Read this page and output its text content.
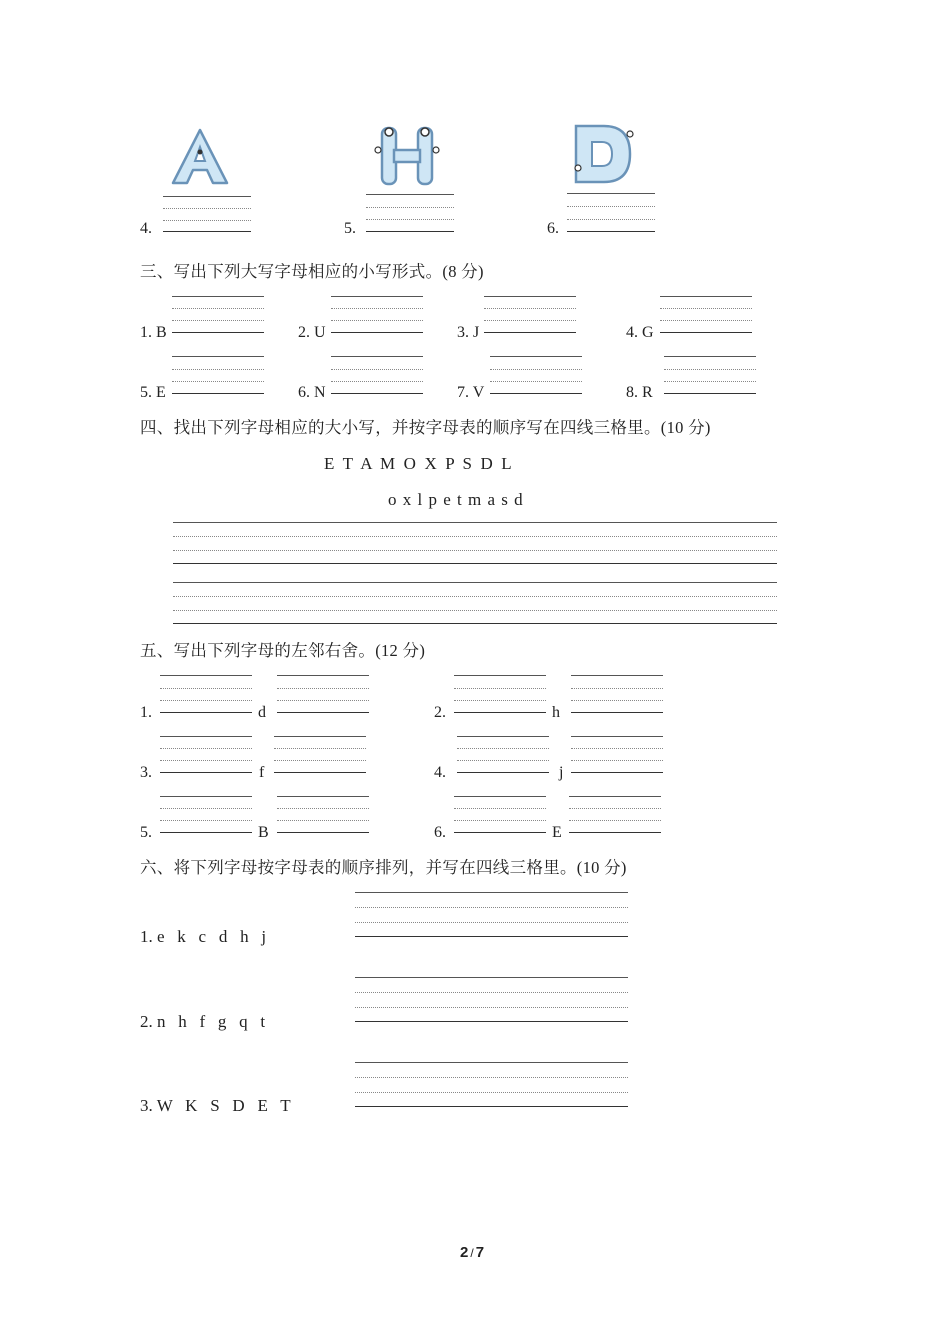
4.	5.	6.
三、写出下列大写字母相应的小写形式。(8 分)
1. B	2. U	3. J	4. G
5. E	6. N	7. V	8. R
四、找出下列字母相应的大小写，并按字母表的顺序写在四线三格里。(10 分)
E  T  A  M  O  X  P  S  D  L
o x l p e t m a s d
五、写出下列字母的左邻右舍。(12 分)
1.	d	2.	h
3.	f	4.	j
5.	B	6.	E
六、将下列字母按字母表的顺序排列，并写在四线三格里。(10 分)
1. e   k   c   d   h   j
2. n   h   f   g   q   t
3. W   K   S   D   E   T
2 / 7
